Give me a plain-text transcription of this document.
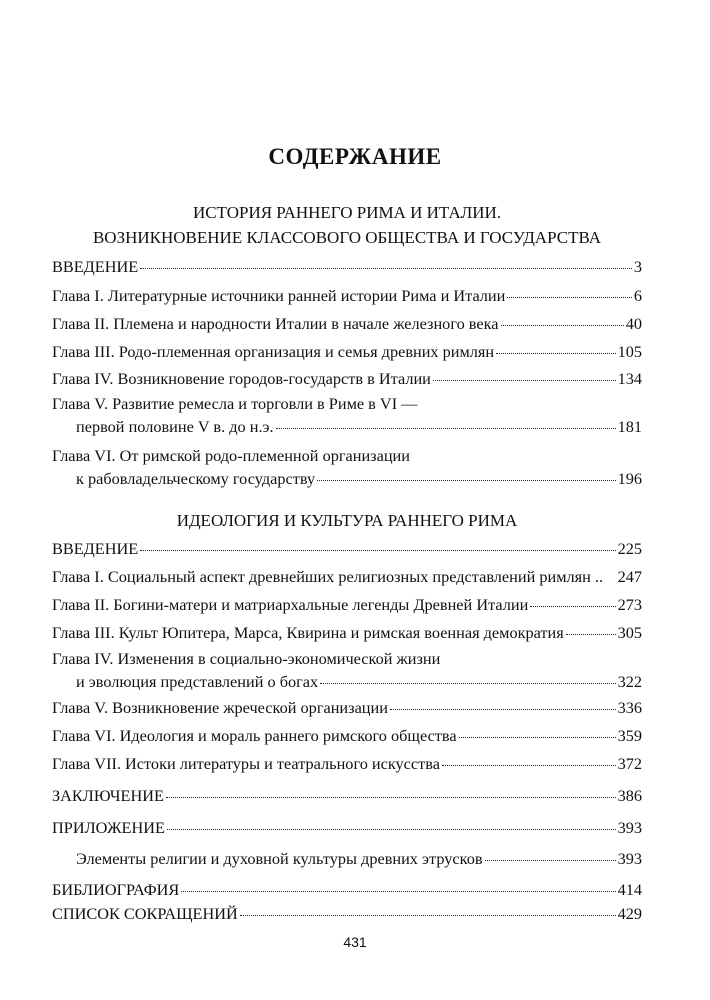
СОДЕРЖАНИЕ
ИСТОРИЯ РАННЕГО РИМА И ИТАЛИИ.
ВОЗНИКНОВЕНИЕ КЛАССОВОГО ОБЩЕСТВА И ГОСУДАРСТВА
ВВЕДЕНИЕ	3
Глава I. Литературные источники ранней истории Рима и Италии	6
Глава II. Племена и народности Италии в начале железного века	40
Глава III. Родо-племенная организация и семья древних римлян	105
Глава IV. Возникновение городов-государств в Италии	134
Глава V. Развитие ремесла и торговли в Риме в VI —
первой половине V в. до н.э.	181
Глава VI. От римской родо-племенной организации
к рабовладельческому государству	196
ИДЕОЛОГИЯ И КУЛЬТУРА РАННЕГО РИМА
ВВЕДЕНИЕ	225
Глава I. Социальный аспект древнейших религиозных представлений римлян .. 247
Глава II. Богини-матери и матриархальные легенды Древней Италии	273
Глава III. Культ Юпитера, Марса, Квирина и римская военная демократия	305
Глава IV. Изменения в социально-экономической жизни
и эволюция представлений о богах	322
Глава V. Возникновение жреческой организации	336
Глава VI. Идеология и мораль раннего римского общества	359
Глава VII. Истоки литературы и театрального искусства	372
ЗАКЛЮЧЕНИЕ	386
ПРИЛОЖЕНИЕ	393
Элементы религии и духовной культуры древних этрусков	393
БИБЛИОГРАФИЯ	414
СПИСОК СОКРАЩЕНИЙ	429
431
